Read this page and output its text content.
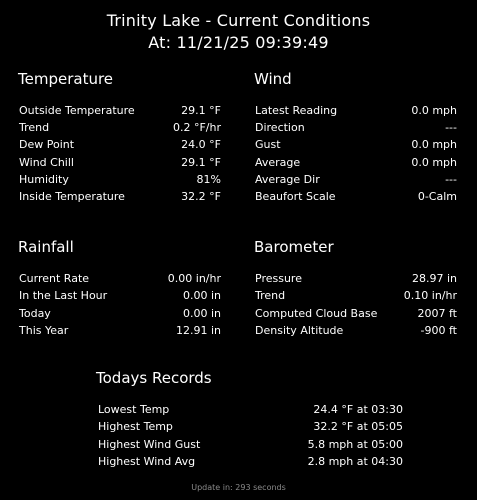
Trinity Lake - Current Conditions
At: 11/21/25 09:39:49
Temperature
Outside Temperature	29.1 °F
Trend	0.2 °F/hr
Dew Point	24.0 °F
Wind Chill	29.1 °F
Humidity	81%
Inside Temperature	32.2 °F
Wind
Latest Reading	0.0 mph
Direction	---
Gust	0.0 mph
Average	0.0 mph
Average Dir	---
Beaufort Scale	0-Calm
Rainfall
Current Rate	0.00 in/hr
In the Last Hour	0.00 in
Today	0.00 in
This Year	12.91 in
Barometer
Pressure	28.97 in
Trend	0.10 in/hr
Computed Cloud Base	2007 ft
Density Altitude	-900 ft
Todays Records
Lowest Temp	24.4 °F at 03:30
Highest Temp	32.2 °F at 05:05
Highest Wind Gust	5.8 mph at 05:00
Highest Wind Avg	2.8 mph at 04:30
Update in: 293 seconds
